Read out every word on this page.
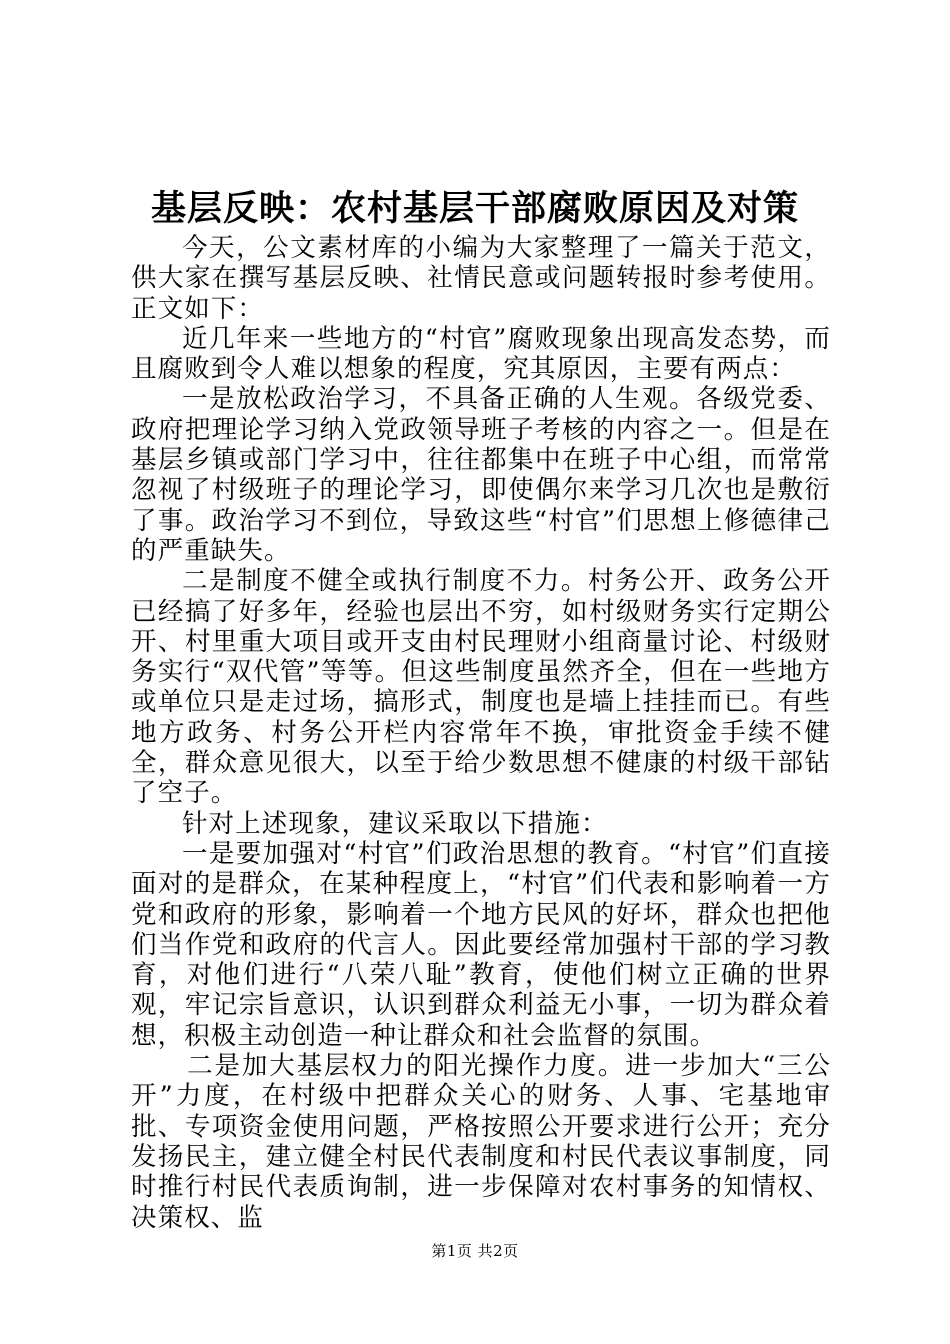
基层反映：农村基层干部腐败原因及对策

今天，公文素材库的小编为大家整理了一篇关于范文，供大家在撰写基层反映、社情民意或问题转报时参考使用。正文如下：

近几年来一些地方的“村官”腐败现象出现高发态势，而且腐败到令人难以想象的程度，究其原因，主要有两点：

一是放松政治学习，不具备正确的人生观。各级党委、政府把理论学习纳入党政领导班子考核的内容之一。但是在基层乡镇或部门学习中，往往都集中在班子中心组，而常常忽视了村级班子的理论学习，即使偶尔来学习几次也是敷衍了事。政治学习不到位，导致这些“村官”们思想上修德律己的严重缺失。

二是制度不健全或执行制度不力。村务公开、政务公开已经搞了好多年，经验也层出不穷，如村级财务实行定期公开、村里重大项目或开支由村民理财小组商量讨论、村级财务实行“双代管”等等。但这些制度虽然齐全，但在一些地方或单位只是走过场，搞形式，制度也是墙上挂挂而已。有些地方政务、村务公开栏内容常年不换，审批资金手续不健全，群众意见很大，以至于给少数思想不健康的村级干部钻了空子。

针对上述现象，建议采取以下措施：

一是要加强对“村官”们政治思想的教育。“村官”们直接面对的是群众，在某种程度上，“村官”们代表和影响着一方党和政府的形象，影响着一个地方民风的好坏，群众也把他们当作党和政府的代言人。因此要经常加强村干部的学习教育，对他们进行“八荣八耻”教育，使他们树立正确的世界观，牢记宗旨意识，认识到群众利益无小事，一切为群众着想，积极主动创造一种让群众和社会监督的氛围。

二是加大基层权力的阳光操作力度。进一步加大“三公开”力度，在村级中把群众关心的财务、人事、宅基地审批、专项资金使用问题，严格按照公开要求进行公开；充分发扬民主，建立健全村民代表制度和村民代表议事制度，同时推行村民代表质询制，进一步保障对农村事务的知情权、决策权、监

第1页 共2页
